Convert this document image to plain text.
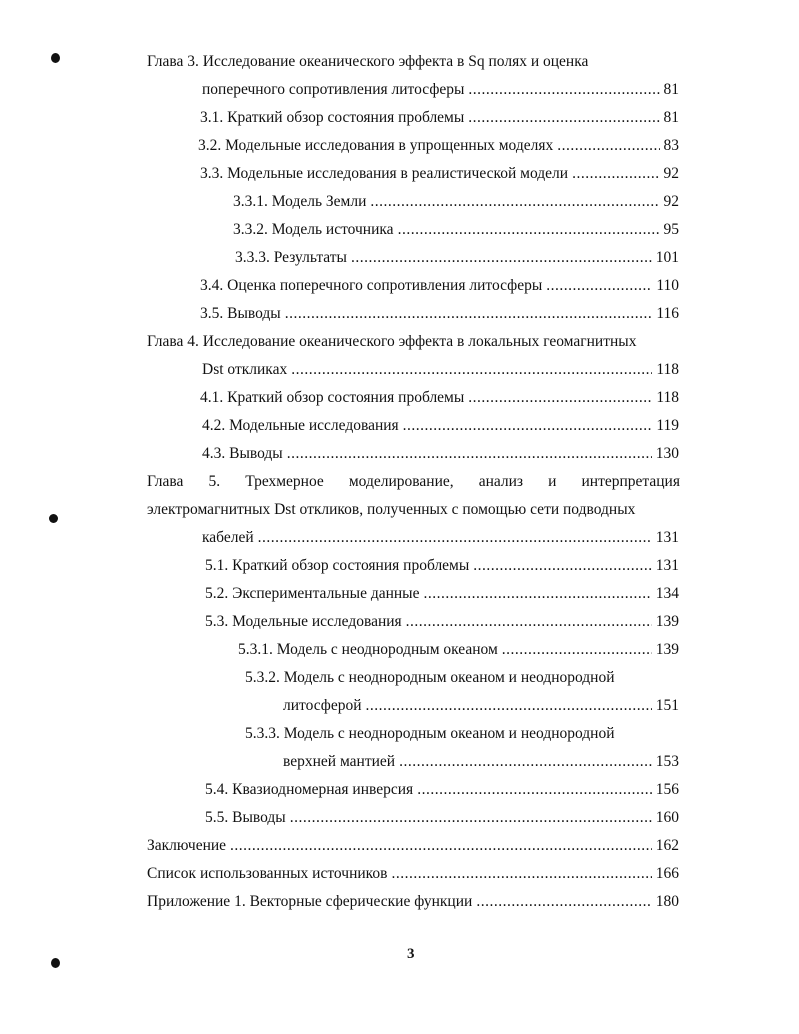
Глава 3. Исследование океанического эффекта в Sq полях и оценка
поперечного сопротивления литосферы .....	81
3.1. Краткий обзор состояния проблемы .....	81
3.2. Модельные исследования в упрощенных моделях .....	83
3.3. Модельные исследования в реалистической модели .....	92
3.3.1. Модель Земли .....	92
3.3.2. Модель источника .....	95
3.3.3. Результаты .....	101
3.4. Оценка поперечного сопротивления литосферы .....	110
3.5. Выводы .....	116
Глава 4. Исследование океанического эффекта в локальных геомагнитных
Dst откликах .....	118
4.1. Краткий обзор состояния проблемы .....	118
4.2. Модельные исследования .....	119
4.3. Выводы .....	130
Глава 5. Трехмерное моделирование, анализ и интерпретация
электромагнитных Dst откликов, полученных с помощью сети подводных
кабелей .....	131
5.1. Краткий обзор состояния проблемы .....	131
5.2. Экспериментальные данные .....	134
5.3. Модельные исследования .....	139
5.3.1. Модель с неоднородным океаном .....	139
5.3.2. Модель с неоднородным океаном и неоднородной
литосферой .....	151
5.3.3. Модель с неоднородным океаном и неоднородной
верхней мантией .....	153
5.4. Квазиодномерная инверсия .....	156
5.5. Выводы .....	160
Заключение .....	162
Список использованных источников .....	166
Приложение 1. Векторные сферические функции .....	180
3
